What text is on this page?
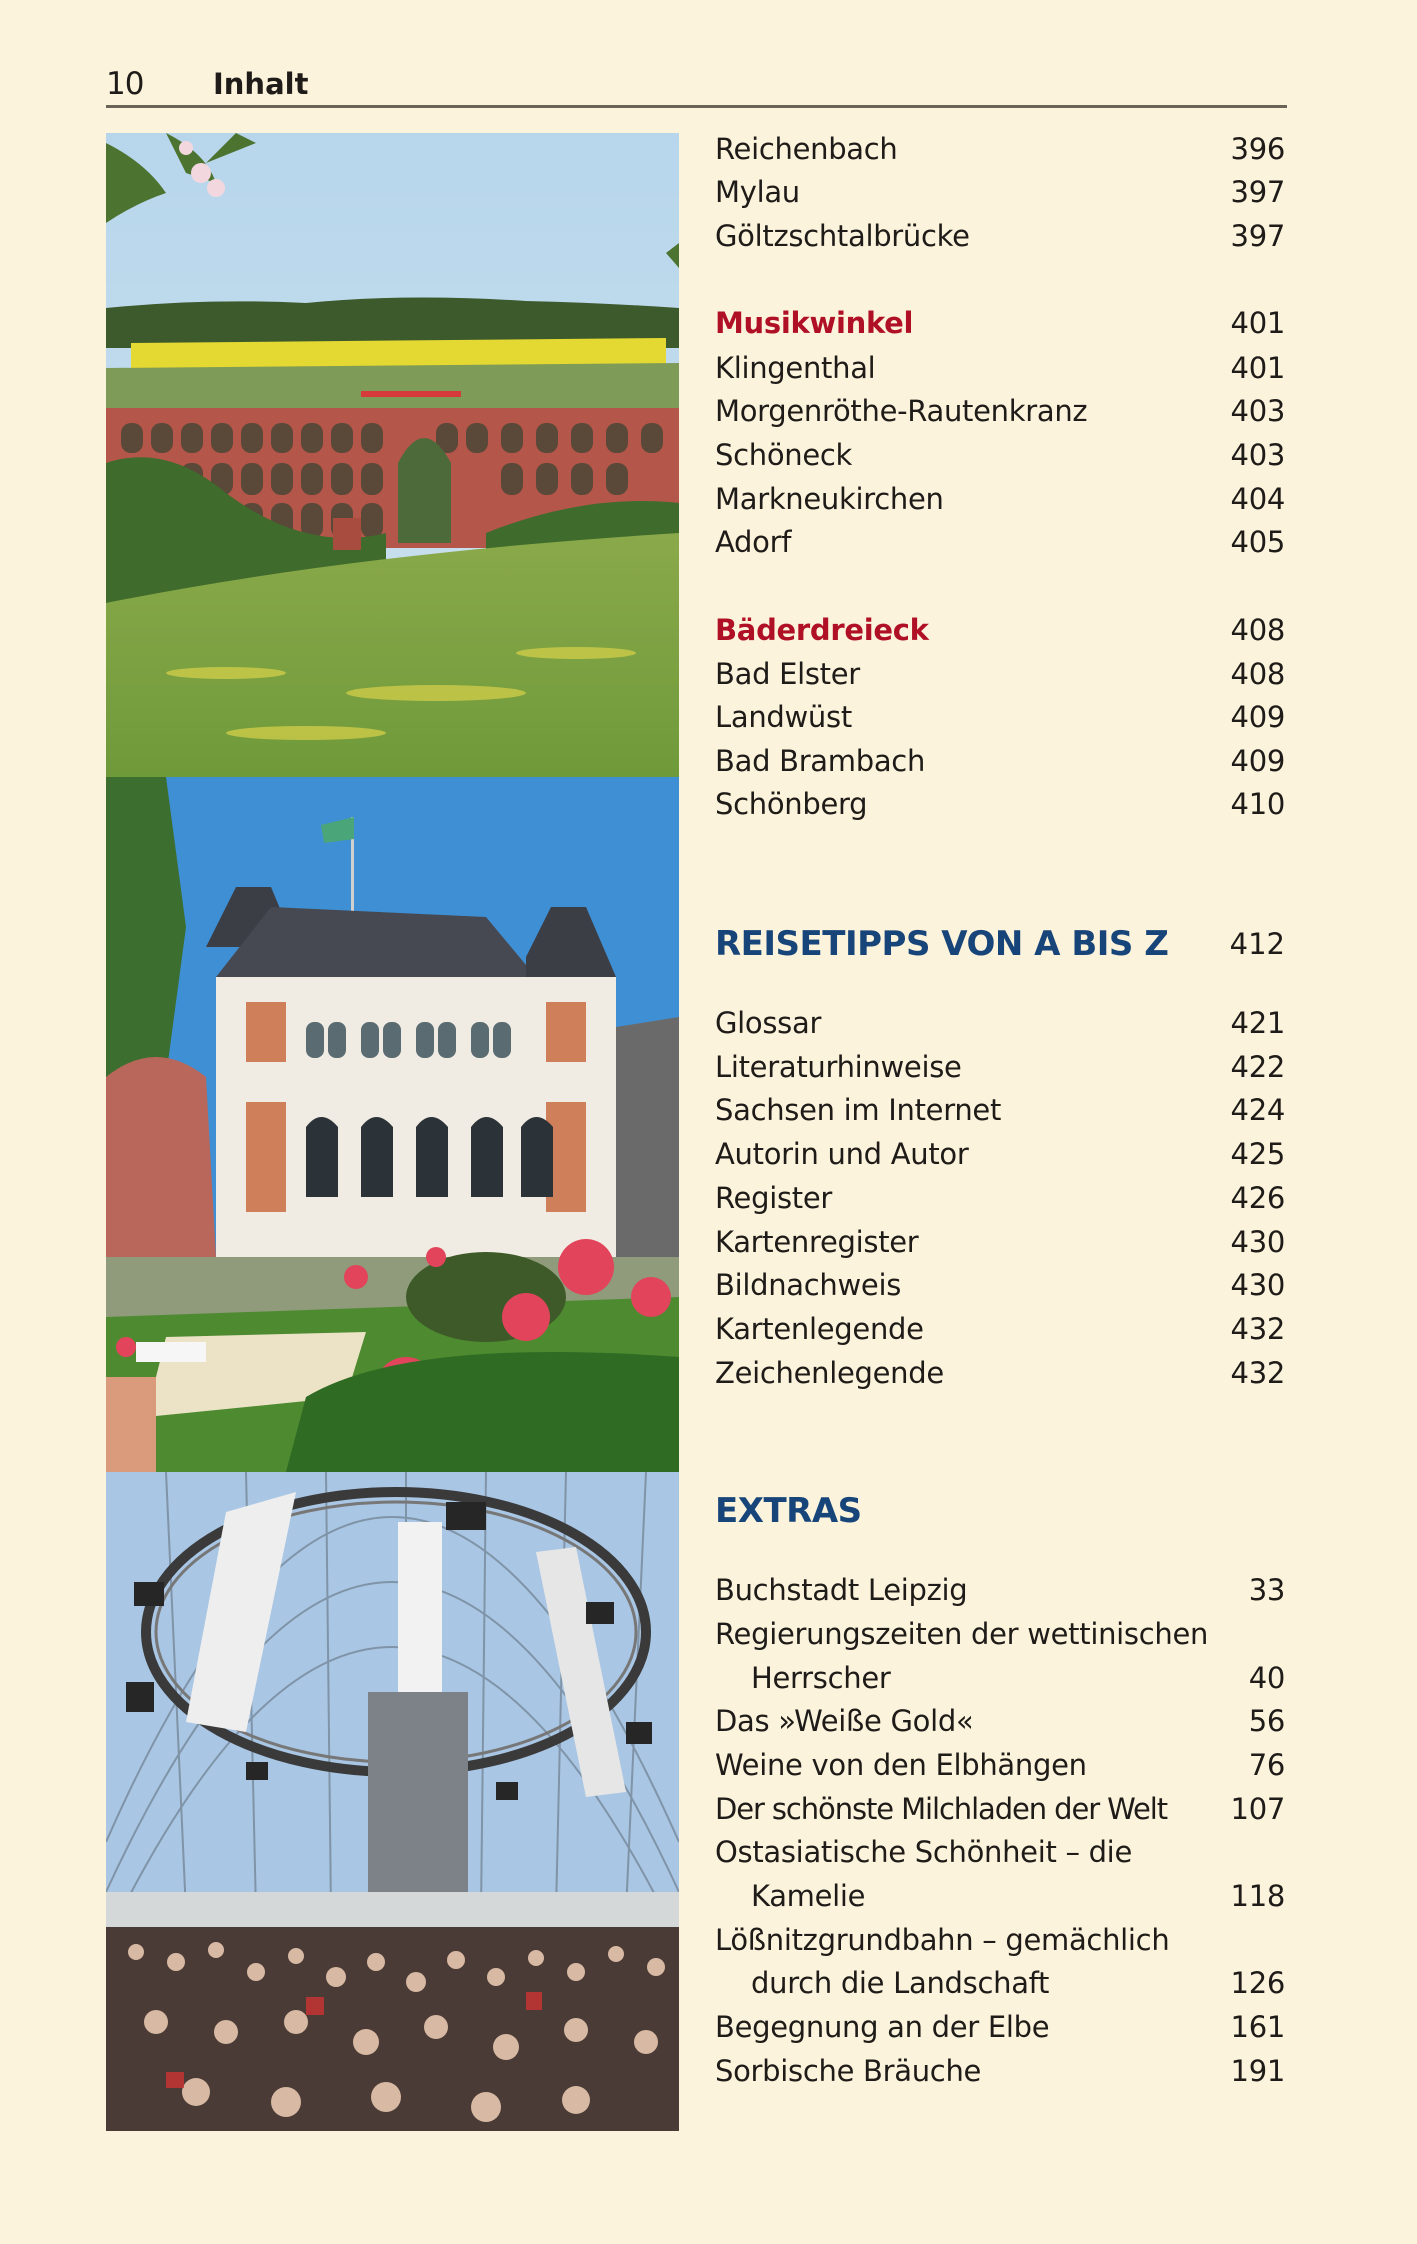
10 Inhalt
Reichenbach	396
Mylau	397
Göltzschtalbrücke	397
Musikwinkel	401
Klingenthal	401
Morgenröthe-Rautenkranz	403
Schöneck	403
Markneukirchen	404
Adorf	405
Bäderdreieck	408
Bad Elster	408
Landwüst	409
Bad Brambach	409
Schönberg	410
REISETIPPS VON A BIS Z 412
Glossar	421
Literaturhinweise	422
Sachsen im Internet	424
Autorin und Autor	425
Register	426
Kartenregister	430
Bildnachweis	430
Kartenlegende	432
Zeichenlegende	432
EXTRAS
Buchstadt Leipzig	33
Regierungszeiten der wettinischen
Herrscher	40
Das »Weiße Gold«	56
Weine von den Elbhängen	76
Der schönste Milchladen der Welt 107
Ostasiatische Schönheit – die
Kamelie	118
Lößnitzgrundbahn – gemächlich
durch die Landschaft	126
Begegnung an der Elbe	161
Sorbische Bräuche	191
